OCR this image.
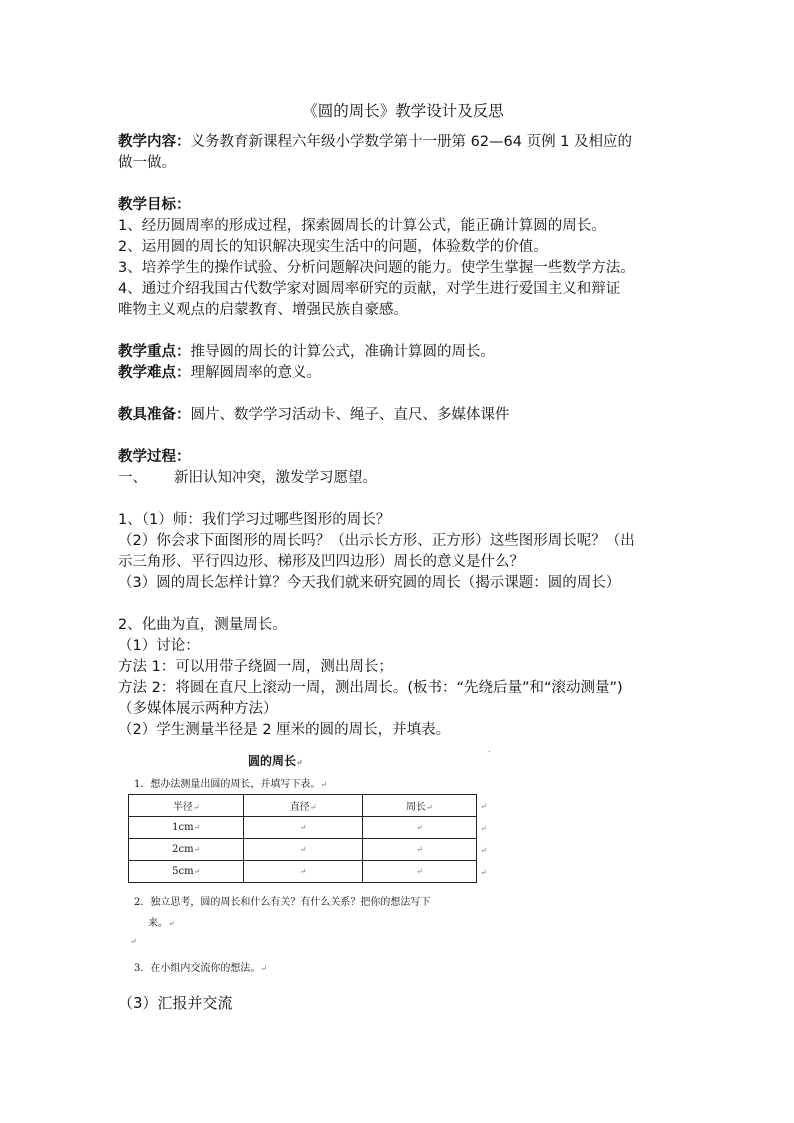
《圆的周长》教学设计及反思
教学内容：义务教育新课程六年级小学数学第十一册第 62—64 页例 1 及相应的
做一做。
教学目标：
1、经历圆周率的形成过程，探索圆周长的计算公式，能正确计算圆的周长。
2、运用圆的周长的知识解决现实生活中的问题，体验数学的价值。
3、培养学生的操作试验、分析问题解决问题的能力。使学生掌握一些数学方法。
4、通过介绍我国古代数学家对圆周率研究的贡献，对学生进行爱国主义和辩证
唯物主义观点的启蒙教育、增强民族自豪感。
教学重点：推导圆的周长的计算公式，准确计算圆的周长。
教学难点：理解圆周率的意义。
教具准备：圆片、数学学习活动卡、绳子、直尺、多媒体课件
教学过程：
一、 新旧认知冲突，激发学习愿望。
1、（1）师：我们学习过哪些图形的周长？
（2）你会求下面图形的周长吗？（出示长方形、正方形）这些图形周长呢？（出
示三角形、平行四边形、梯形及凹四边形）周长的意义是什么？
（3）圆的周长怎样计算？今天我们就来研究圆的周长（揭示课题：圆的周长）
2、化曲为直，测量周长。
（1）讨论：
方法 1：可以用带子绕圆一周，测出周长；
方法 2：将圆在直尺上滚动一周，测出周长。(板书：“先绕后量”和“滚动测量”)
（多媒体展示两种方法）
（2）学生测量半径是 2 厘米的圆的周长，并填表。
.
圆的周长↵
1．想办法测量出圆的周长，并填写下表。↵
半径↵	直径↵	周长↵
1cm↵	↵	↵
2cm↵	↵	↵
5cm↵	↵	↵
↵
↵
↵
↵
2．独立思考，圆的周长和什么有关？有什么关系？把你的想法写下
来。↵
↵
3．在小组内交流你的想法。↵
（3）汇报并交流
